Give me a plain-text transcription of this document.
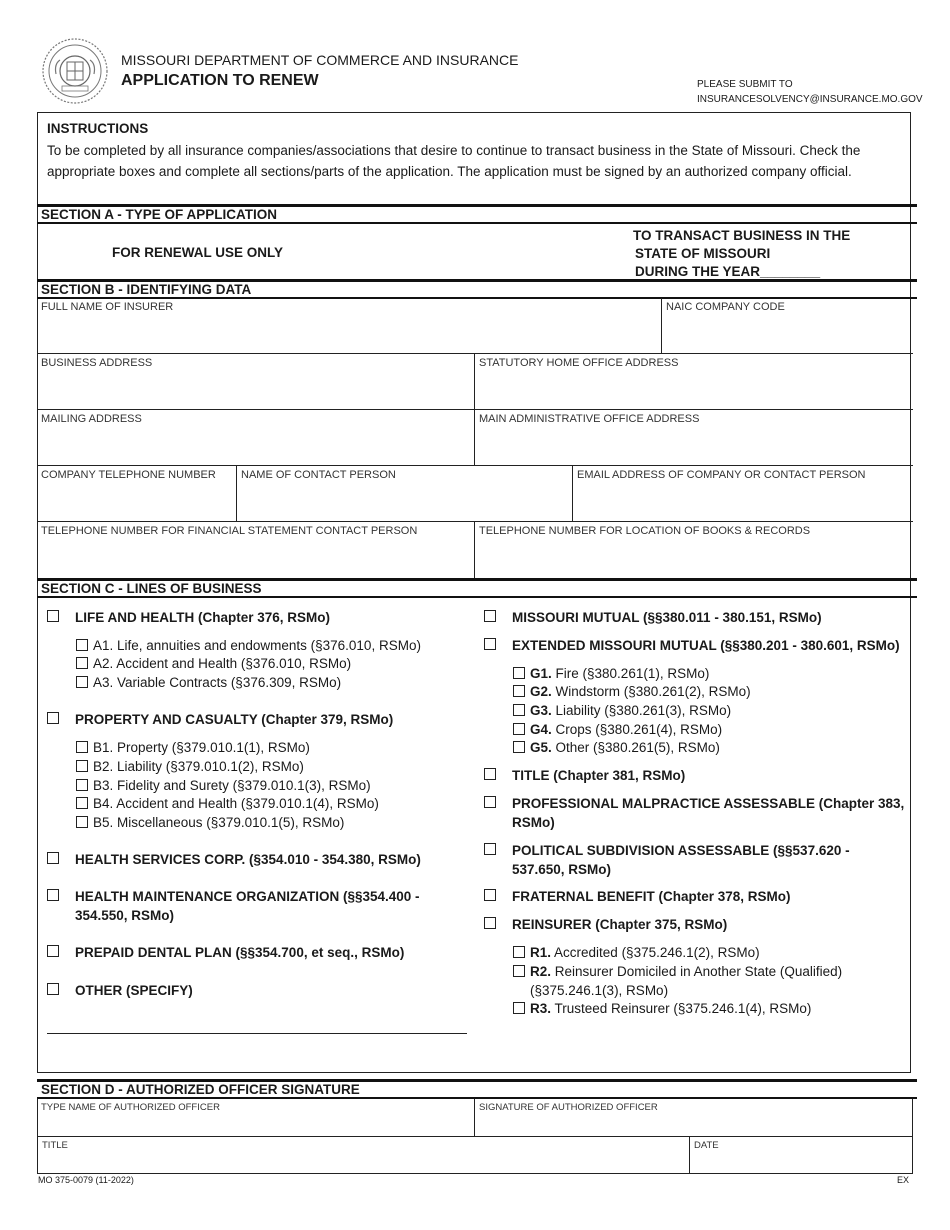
MISSOURI DEPARTMENT OF COMMERCE AND INSURANCE
APPLICATION TO RENEW	PLEASE SUBMIT TO
INSURANCESOLVENCY@INSURANCE.MO.GOV
INSTRUCTIONS
To be completed by all insurance companies/associations that desire to continue to transact business in the State of Missouri. Check the appropriate boxes and complete all sections/parts of the application. The application must be signed by an authorized company official.
SECTION A - TYPE OF APPLICATION
FOR RENEWAL USE ONLY
TO TRANSACT BUSINESS IN THE
STATE OF MISSOURI
DURING THE YEAR________
SECTION B - IDENTIFYING DATA
FULL NAME OF INSURER	NAIC COMPANY CODE
BUSINESS ADDRESS	STATUTORY HOME OFFICE ADDRESS
MAILING ADDRESS	MAIN ADMINISTRATIVE OFFICE ADDRESS
COMPANY TELEPHONE NUMBER	NAME OF CONTACT PERSON	EMAIL ADDRESS OF COMPANY OR CONTACT PERSON
TELEPHONE NUMBER FOR FINANCIAL STATEMENT CONTACT PERSON	TELEPHONE NUMBER FOR LOCATION OF BOOKS & RECORDS
SECTION C - LINES OF BUSINESS
LIFE AND HEALTH (Chapter 376, RSMo)
A1. Life, annuities and endowments (§376.010, RSMo)
A2. Accident and Health (§376.010, RSMo)
A3. Variable Contracts (§376.309, RSMo)
PROPERTY AND CASUALTY (Chapter 379, RSMo)
B1. Property (§379.010.1(1), RSMo)
B2. Liability (§379.010.1(2), RSMo)
B3. Fidelity and Surety (§379.010.1(3), RSMo)
B4. Accident and Health (§379.010.1(4), RSMo)
B5. Miscellaneous (§379.010.1(5), RSMo)
HEALTH SERVICES CORP. (§354.010 - 354.380, RSMo)
HEALTH MAINTENANCE ORGANIZATION (§§354.400 -
354.550, RSMo)
PREPAID DENTAL PLAN (§§354.700, et seq., RSMo)
OTHER (SPECIFY)
MISSOURI MUTUAL (§§380.011 - 380.151, RSMo)
EXTENDED MISSOURI MUTUAL (§§380.201 - 380.601, RSMo)
G1. Fire (§380.261(1), RSMo)
G2. Windstorm (§380.261(2), RSMo)
G3. Liability (§380.261(3), RSMo)
G4. Crops (§380.261(4), RSMo)
G5. Other (§380.261(5), RSMo)
TITLE (Chapter 381, RSMo)
PROFESSIONAL MALPRACTICE ASSESSABLE (Chapter 383,
RSMo)
POLITICAL SUBDIVISION ASSESSABLE (§§537.620 -
537.650, RSMo)
FRATERNAL BENEFIT (Chapter 378, RSMo)
REINSURER (Chapter 375, RSMo)
R1. Accredited (§375.246.1(2), RSMo)
R2. Reinsurer Domiciled in Another State (Qualified)
(§375.246.1(3), RSMo)
R3. Trusteed Reinsurer (§375.246.1(4), RSMo)
SECTION D - AUTHORIZED OFFICER SIGNATURE
TYPE NAME OF AUTHORIZED OFFICER	SIGNATURE OF AUTHORIZED OFFICER
TITLE	DATE
MO 375-0079 (11-2022)	EX
